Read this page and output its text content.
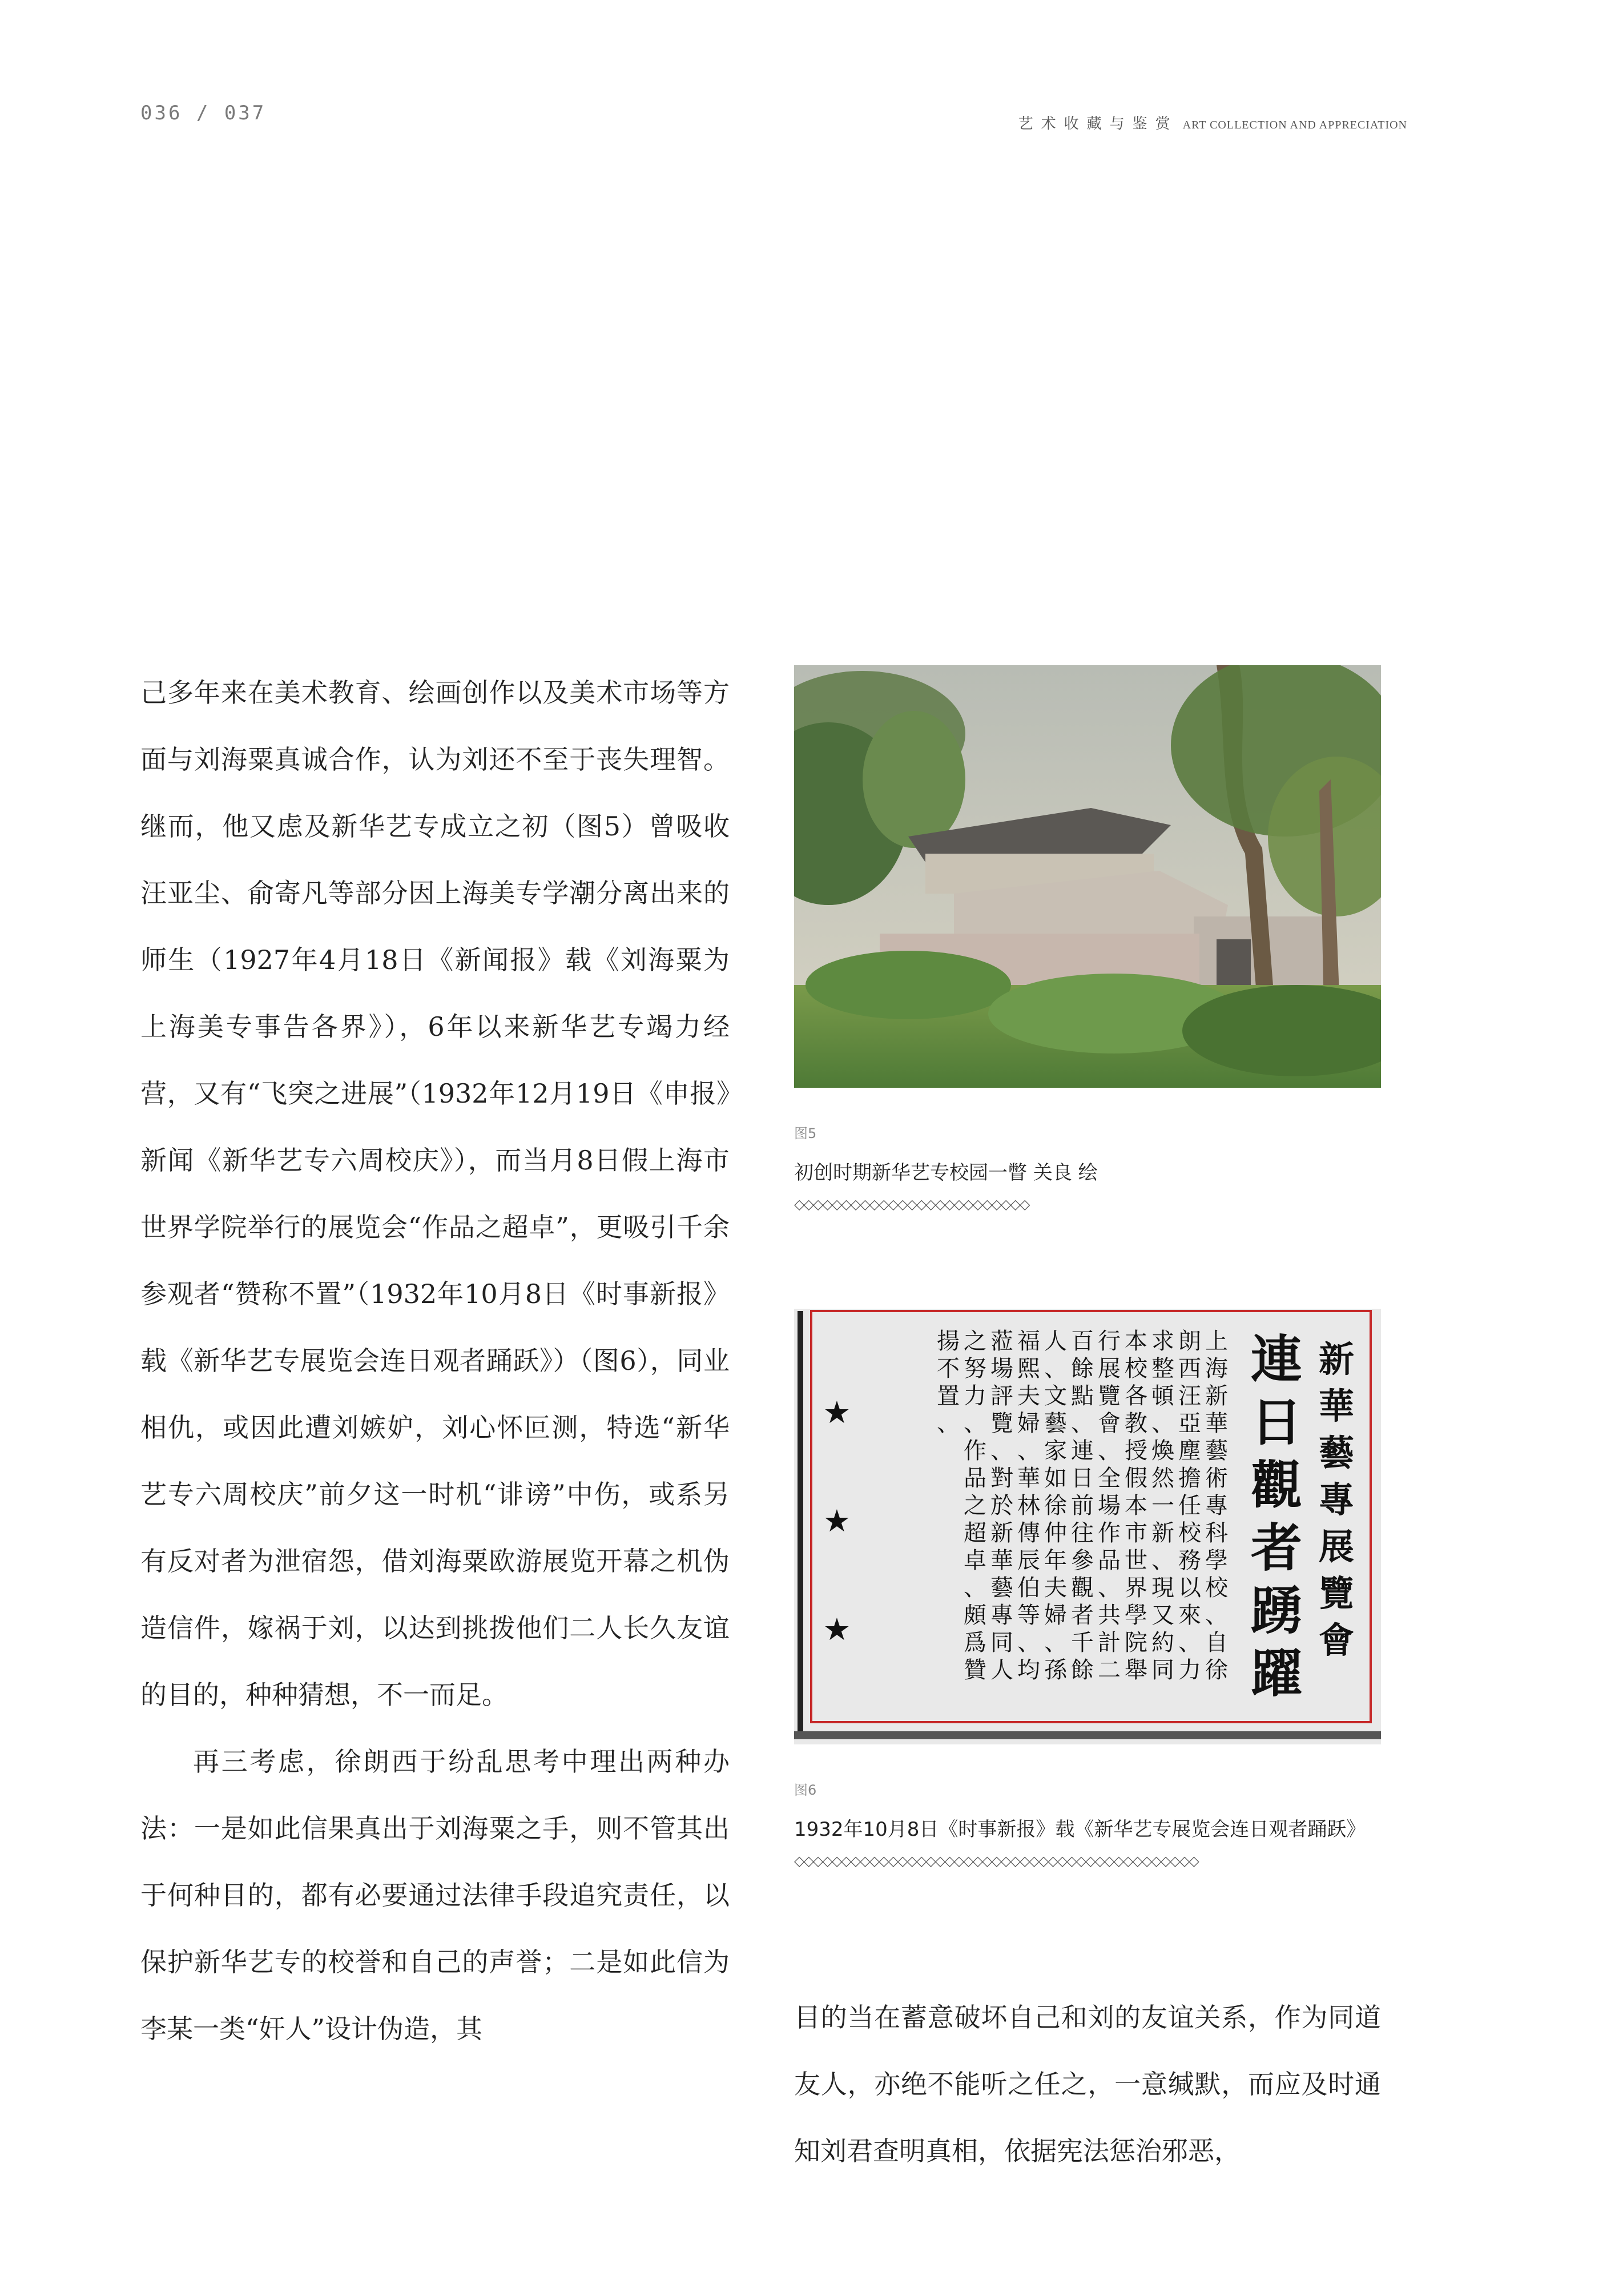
036 / 037	艺术收藏与鉴赏 ART COLLECTION AND APPRECIATION

己多年来在美术教育、绘画创作以及美术市场等方面与刘海粟真诚合作，认为刘还不至于丧失理智。继而，他又虑及新华艺专成立之初（图5）曾吸收汪亚尘、俞寄凡等部分因上海美专学潮分离出来的师生（1927年4月18日《新闻报》载《刘海粟为上海美专事告各界》），6年以来新华艺专竭力经营，又有“飞突之进展”（1932年12月19日《申报》新闻《新华艺专六周校庆》），而当月8日假上海市世界学院举行的展览会“作品之超卓”，更吸引千余参观者“赞称不置”（1932年10月8日《时事新报》载《新华艺专展览会连日观者踊跃》）（图6），同业相仇，或因此遭刘嫉妒，刘心怀叵测，特选“新华艺专六周校庆”前夕这一时机“诽谤”中伤，或系另有反对者为泄宿怨，借刘海粟欧游展览开幕之机伪造信件，嫁祸于刘，以达到挑拨他们二人长久友谊的目的，种种猜想，不一而足。

再三考虑，徐朗西于纷乱思考中理出两种办法：一是如此信果真出于刘海粟之手，则不管其出于何种目的，都有必要通过法律手段追究责任，以保护新华艺专的校誉和自己的声誉；二是如此信为李某一类“奸人”设计伪造，其

图5
初创时期新华艺专校园一瞥 关良 绘
◇◇◇◇◇◇◇◇◇◇◇◇◇◇◇◇◇◇◇◇◇◇◇◇◇
新華藝專展覽會
連日觀者踴躍
上海新華藝術專科學校、自徐
朗西汪亞塵擔任校務以來、力
求整頓、煥然一新、現又約同
本校各教授假本市世界學院舉
行展覽會、全場作品、共計二
百餘點、連日前往參觀者千餘
人、文藝家如徐仲年夫婦、孫
福熙夫婦、華林傳辰伯等、均
蒞場評覽、對於新華藝專同人
之努力、作品之超卓、頗爲贊
揚不置、
★
★
★
图6
1932年10月8日《时事新报》载《新华艺专展览会连日观者踊跃》
◇◇◇◇◇◇◇◇◇◇◇◇◇◇◇◇◇◇◇◇◇◇◇◇◇◇◇◇◇◇◇◇◇◇◇◇◇◇◇◇◇◇◇

目的当在蓄意破坏自己和刘的友谊关系，作为同道友人，亦绝不能听之任之，一意缄默，而应及时通知刘君查明真相，依据宪法惩治邪恶，
